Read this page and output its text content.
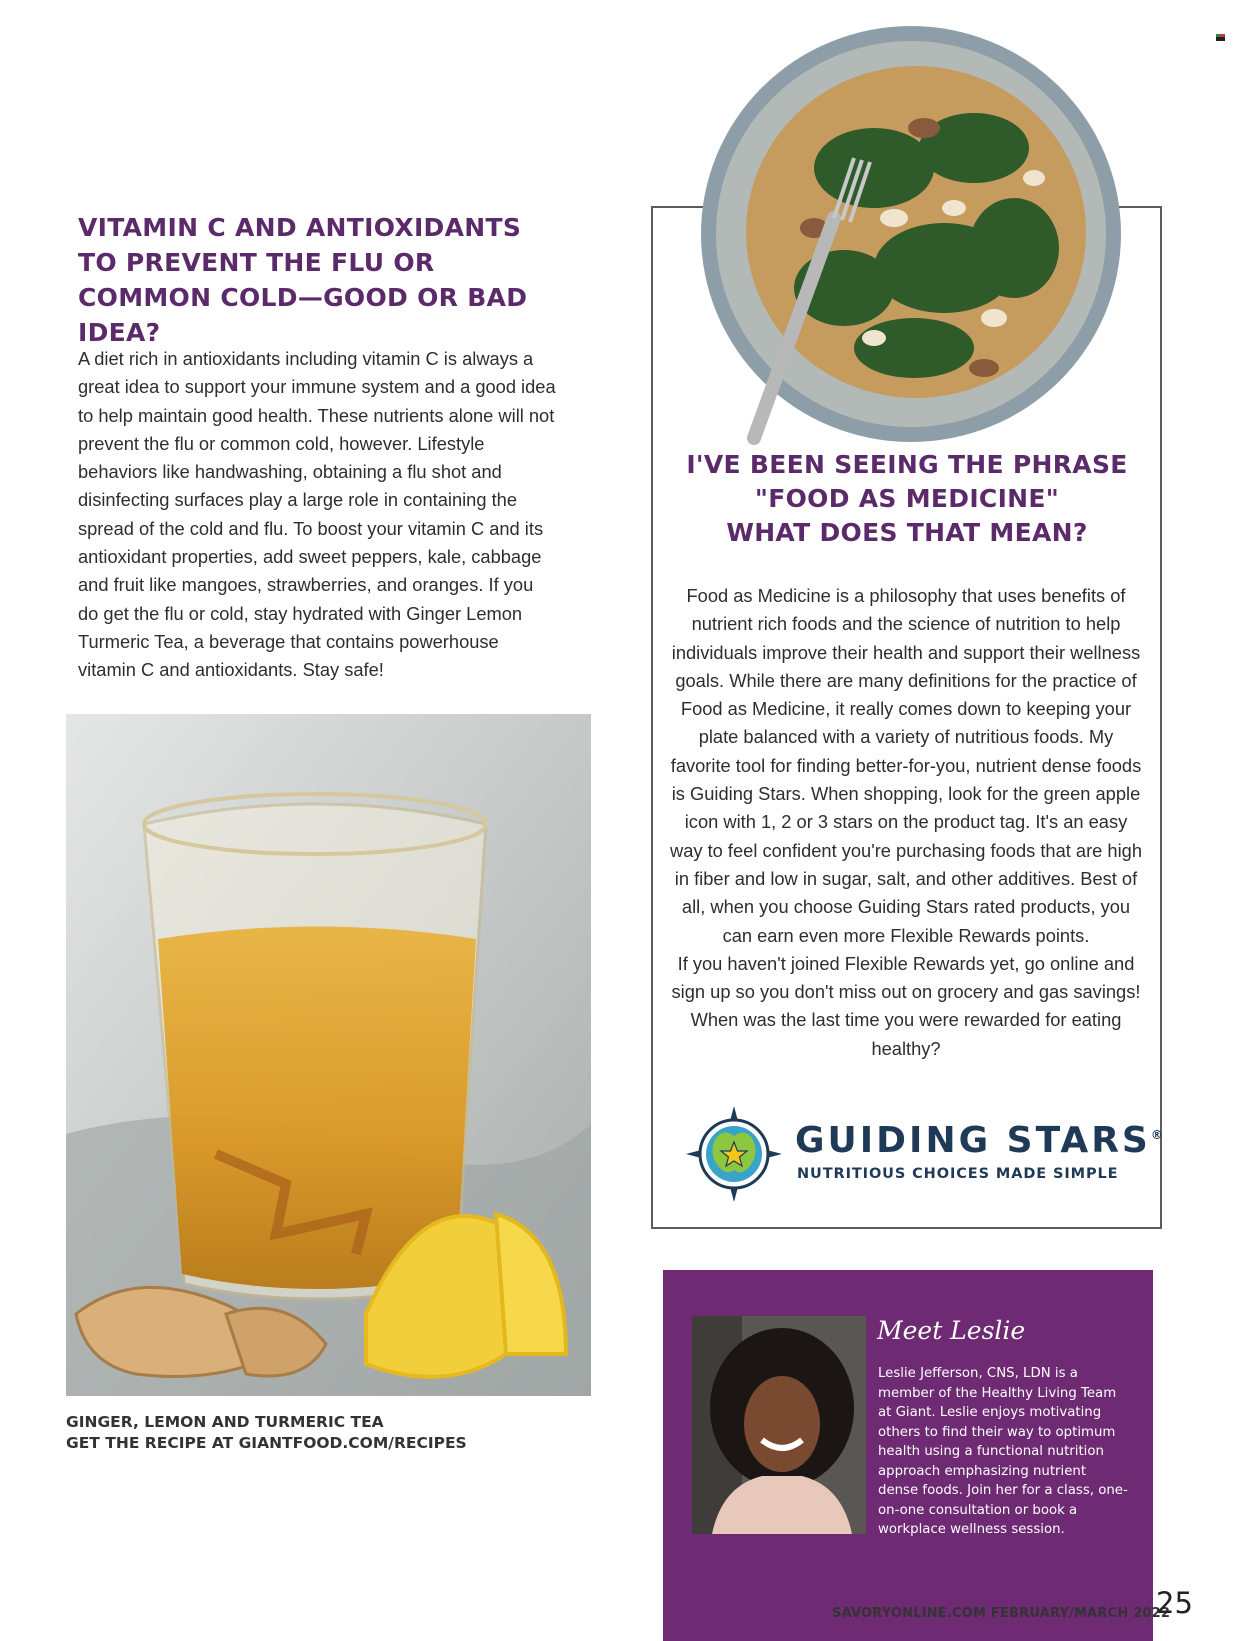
VITAMIN C AND ANTIOXIDANTS TO PREVENT THE FLU OR COMMON COLD—GOOD OR BAD IDEA?

A diet rich in antioxidants including vitamin C is always a great idea to support your immune system and a good idea to help maintain good health. These nutrients alone will not prevent the flu or common cold, however. Lifestyle behaviors like handwashing, obtaining a flu shot and disinfecting surfaces play a large role in containing the spread of the cold and flu. To boost your vitamin C and its antioxidant properties, add sweet peppers, kale, cabbage and fruit like mangoes, strawberries, and oranges. If you do get the flu or cold, stay hydrated with Ginger Lemon Turmeric Tea, a beverage that contains powerhouse vitamin C and antioxidants. Stay safe!

GINGER, LEMON AND TURMERIC TEA
GET THE RECIPE AT GIANTFOOD.COM/RECIPES

I'VE BEEN SEEING THE PHRASE
"FOOD AS MEDICINE"
WHAT DOES THAT MEAN?
Food as Medicine is a philosophy that uses benefits of nutrient rich foods and the science of nutrition to help individuals improve their health and support their wellness goals. While there are many definitions for the practice of Food as Medicine, it really comes down to keeping your plate balanced with a variety of nutritious foods. My favorite tool for finding better-for-you, nutrient dense foods is Guiding Stars. When shopping, look for the green apple icon with 1, 2 or 3 stars on the product tag. It's an easy way to feel confident you're purchasing foods that are high in fiber and low in sugar, salt, and other additives. Best of all, when you choose Guiding Stars rated products, you can earn even more Flexible Rewards points.
If you haven't joined Flexible Rewards yet, go online and sign up so you don't miss out on grocery and gas savings! When was the last time you were rewarded for eating healthy?

GUIDING STARS®

NUTRITIOUS CHOICES MADE SIMPLE

Meet Leslie

Leslie Jefferson, CNS, LDN is a member of the Healthy Living Team at Giant. Leslie enjoys motivating others to find their way to optimum health using a functional nutrition approach emphasizing nutrient dense foods. Join her for a class, one-on-one consultation or book a workplace wellness session.

SAVORYONLINE.COM FEBRUARY/MARCH 2022

25
